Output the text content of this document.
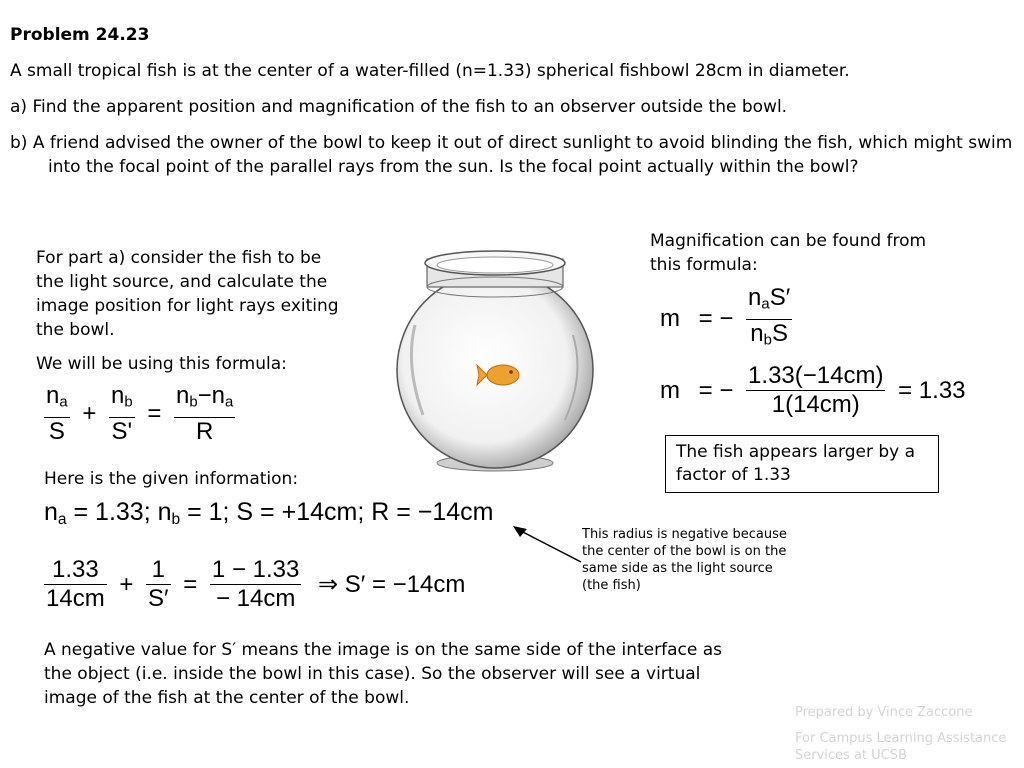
Problem 24.23
A small tropical fish is at the center of a water-filled (n=1.33) spherical fishbowl 28cm in diameter.
a) Find the apparent position and magnification of the fish to an observer outside the bowl.
b) A friend advised the owner of the bowl to keep it out of direct sunlight to avoid blinding the fish, which might swim into the focal point of the parallel rays from the sun. Is the focal point actually within the bowl?
For part a) consider the fish to be the light source, and calculate the image position for light rays exiting the bowl.
We will be using this formula:
$\frac{n_a}{S} + \frac{n_b}{S'} = \frac{n_b-n_a}{R}$
Here is the given information:
$n_a = 1.33$; $n_b = 1$; S = +14cm; R = −14cm
$\frac{1.33}{14cm} + \frac{1}{S'} = \frac{1 - 1.33}{- 14cm}$ ⇒ S′ = −14cm
A negative value for S′ means the image is on the same side of the interface as the object (i.e. inside the bowl in this case). So the observer will see a virtual image of the fish at the center of the bowl.
Magnification can be found from this formula:
m = − $\frac{n_aS'}{n_bS}$
m = − $\frac{1.33(-14cm)}{1(14cm)} = 1.33$
The fish appears larger by a factor of 1.33
This radius is negative because the center of the bowl is on the same side as the light source (the fish)
Prepared by Vince Zaccone
For Campus Learning Assistance Services at UCSB
